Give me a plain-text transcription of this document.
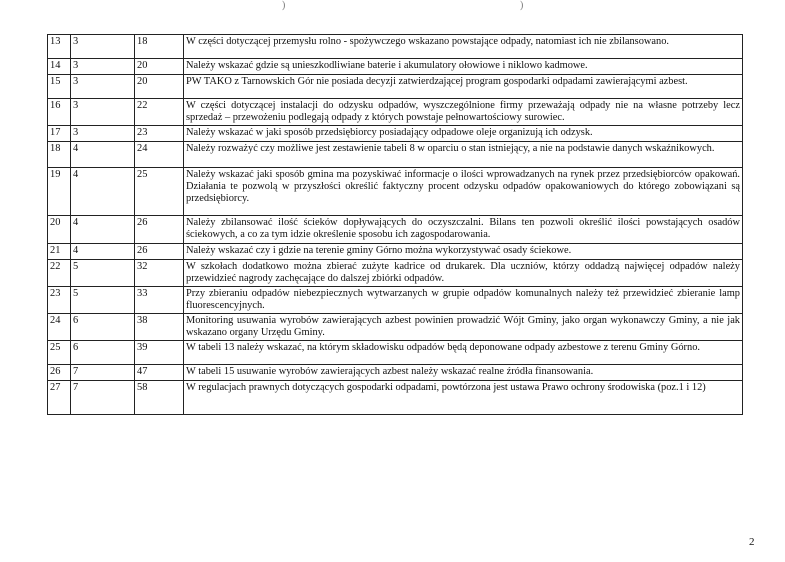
)	)
13	3	18	W części dotyczącej przemysłu rolno - spożywczego wskazano powstające odpady, natomiast ich nie zbilansowano.
14	3	20	Należy wskazać gdzie są unieszkodliwiane baterie i akumulatory ołowiowe i niklowo kadmowe.
15	3	20	PW TAKO z Tarnowskich Gór nie posiada decyzji zatwierdzającej program gospodarki odpadami zawierającymi azbest.
16	3	22	W części dotyczącej instalacji do odzysku odpadów, wyszczególnione firmy przeważają odpady nie na własne potrzeby lecz sprzedaż – przewożeniu podlegają odpady z których powstaje pełnowartościowy surowiec.
17	3	23	Należy wskazać w jaki sposób przedsiębiorcy posiadający odpadowe oleje organizują ich odzysk.
18	4	24	Należy rozważyć czy możliwe jest zestawienie tabeli 8 w oparciu o stan istniejący, a nie na podstawie danych wskaźnikowych.
19	4	25	Należy wskazać jaki sposób gmina ma pozyskiwać informacje o ilości wprowadzanych na rynek przez przedsiębiorców opakowań. Działania te pozwolą w przyszłości określić faktyczny procent odzysku odpadów opakowaniowych do którego zobowiązani są przedsiębiorcy.
20	4	26	Należy zbilansować ilość ścieków dopływających do oczyszczalni. Bilans ten pozwoli określić ilości powstających osadów ściekowych, a co za tym idzie określenie sposobu ich zagospodarowania.
21	4	26	Należy wskazać czy i gdzie na terenie gminy Górno można wykorzystywać osady ściekowe.
22	5	32	W szkołach dodatkowo można zbierać zużyte kadrice od drukarek. Dla uczniów, którzy oddadzą najwięcej odpadów należy przewidzieć nagrody zachęcające do dalszej zbiórki odpadów.
23	5	33	Przy zbieraniu odpadów niebezpiecznych wytwarzanych w grupie odpadów komunalnych należy też przewidzieć zbieranie lamp fluorescencyjnych.
24	6	38	Monitoring usuwania wyrobów zawierających azbest powinien prowadzić Wójt Gminy, jako organ wykonawczy Gminy, a nie jak wskazano organy Urzędu Gminy.
25	6	39	W tabeli 13 należy wskazać, na którym składowisku odpadów będą deponowane odpady azbestowe z terenu Gminy Górno.
26	7	47	W tabeli 15 usuwanie wyrobów zawierających azbest należy wskazać realne źródła finansowania.
27	7	58	W regulacjach prawnych dotyczących gospodarki odpadami, powtórzona jest ustawa Prawo ochrony środowiska (poz.1 i 12)
2
